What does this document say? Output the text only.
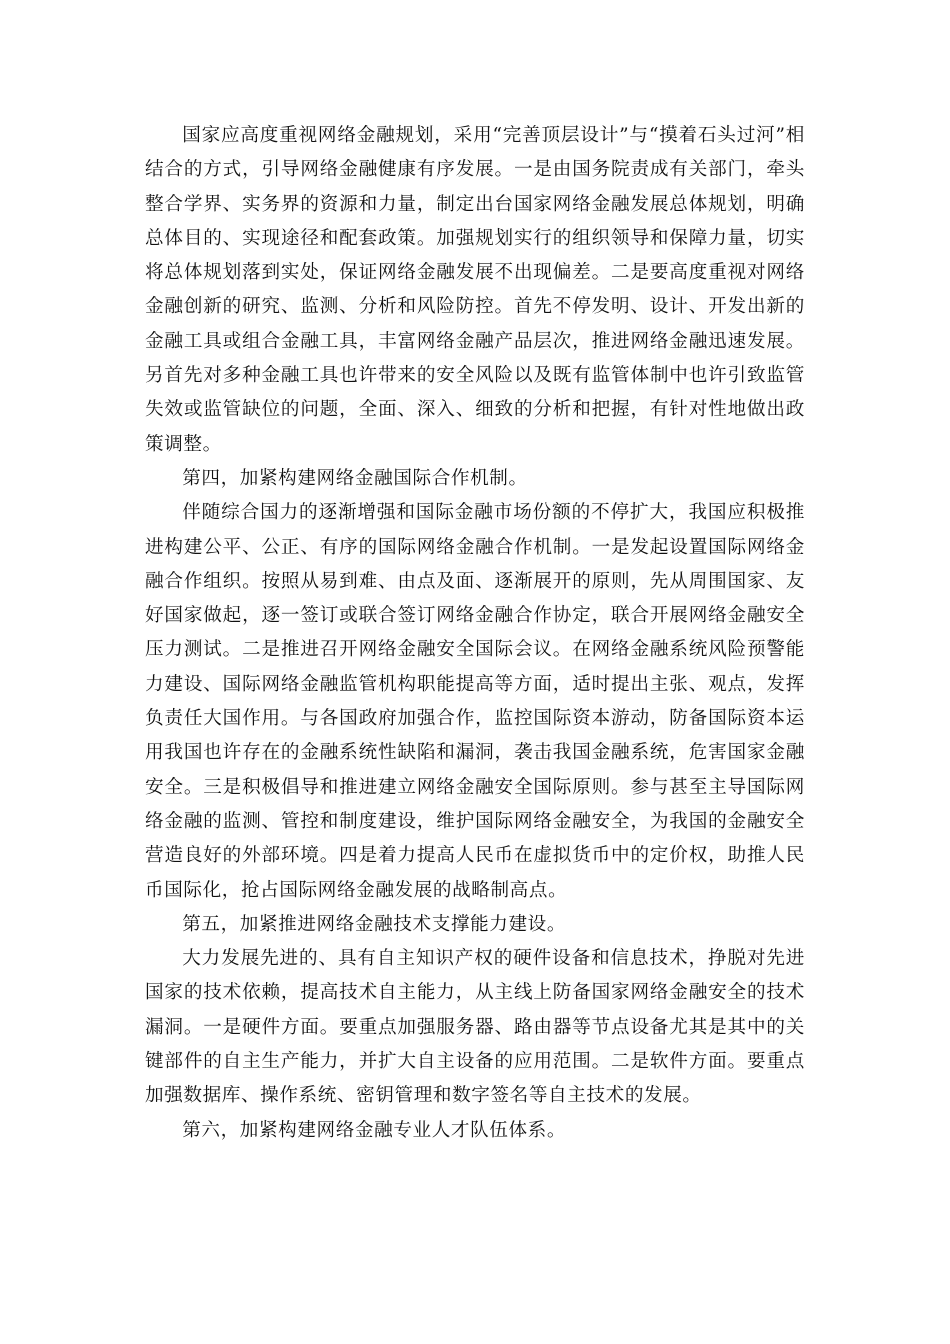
国家应高度重视网络金融规划，采用“完善顶层设计”与“摸着石头过河”相结合的方式，引导网络金融健康有序发展。一是由国务院责成有关部门，牵头整合学界、实务界的资源和力量，制定出台国家网络金融发展总体规划，明确总体目的、实现途径和配套政策。加强规划实行的组织领导和保障力量，切实将总体规划落到实处，保证网络金融发展不出现偏差。二是要高度重视对网络金融创新的研究、监测、分析和风险防控。首先不停发明、设计、开发出新的金融工具或组合金融工具，丰富网络金融产品层次，推进网络金融迅速发展。另首先对多种金融工具也许带来的安全风险以及既有监管体制中也许引致监管失效或监管缺位的问题，全面、深入、细致的分析和把握，有针对性地做出政策调整。

第四，加紧构建网络金融国际合作机制。

伴随综合国力的逐渐增强和国际金融市场份额的不停扩大，我国应积极推进构建公平、公正、有序的国际网络金融合作机制。一是发起设置国际网络金融合作组织。按照从易到难、由点及面、逐渐展开的原则，先从周围国家、友好国家做起，逐一签订或联合签订网络金融合作协定，联合开展网络金融安全压力测试。二是推进召开网络金融安全国际会议。在网络金融系统风险预警能力建设、国际网络金融监管机构职能提高等方面，适时提出主张、观点，发挥负责任大国作用。与各国政府加强合作，监控国际资本游动，防备国际资本运用我国也许存在的金融系统性缺陷和漏洞，袭击我国金融系统，危害国家金融安全。三是积极倡导和推进建立网络金融安全国际原则。参与甚至主导国际网络金融的监测、管控和制度建设，维护国际网络金融安全，为我国的金融安全营造良好的外部环境。四是着力提高人民币在虚拟货币中的定价权，助推人民币国际化，抢占国际网络金融发展的战略制高点。

第五，加紧推进网络金融技术支撑能力建设。

大力发展先进的、具有自主知识产权的硬件设备和信息技术，挣脱对先进国家的技术依赖，提高技术自主能力，从主线上防备国家网络金融安全的技术漏洞。一是硬件方面。要重点加强服务器、路由器等节点设备尤其是其中的关键部件的自主生产能力，并扩大自主设备的应用范围。二是软件方面。要重点加强数据库、操作系统、密钥管理和数字签名等自主技术的发展。

第六，加紧构建网络金融专业人才队伍体系。
